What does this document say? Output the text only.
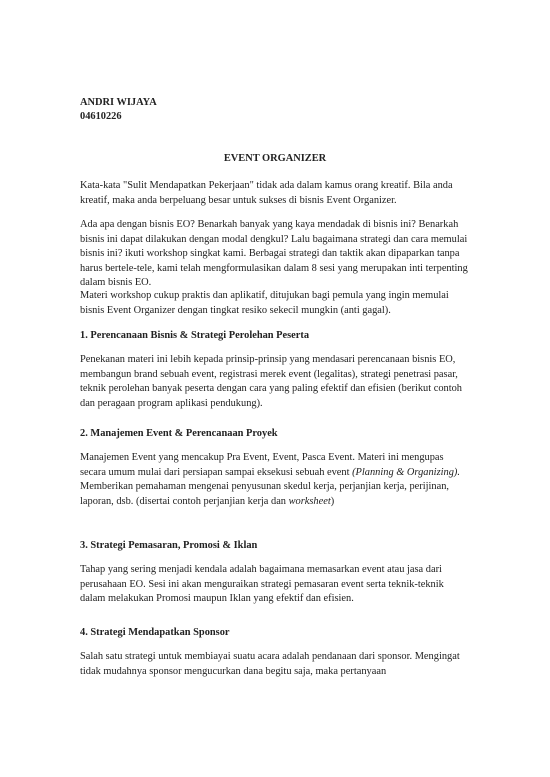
ANDRI WIJAYA

04610226

EVENT ORGANIZER

Kata-kata "Sulit Mendapatkan Pekerjaan" tidak ada dalam kamus orang kreatif. Bila anda kreatif, maka anda berpeluang besar untuk sukses di bisnis Event Organizer.

Ada apa dengan bisnis EO? Benarkah banyak yang kaya mendadak di bisnis ini? Benarkah bisnis ini dapat dilakukan dengan modal dengkul? Lalu bagaimana strategi dan cara memulai bisnis ini? ikuti workshop singkat kami. Berbagai strategi dan taktik akan dipaparkan tanpa harus bertele-tele, kami telah mengformulasikan dalam 8 sesi yang merupakan inti terpenting dalam bisnis EO.

Materi workshop cukup praktis dan aplikatif, ditujukan bagi pemula yang ingin memulai bisnis Event Organizer dengan tingkat resiko sekecil mungkin (anti gagal).

1. Perencanaan Bisnis & Strategi Perolehan Peserta

Penekanan materi ini lebih kepada prinsip-prinsip yang mendasari perencanaan bisnis EO, membangun brand sebuah event, registrasi merek event (legalitas), strategi penetrasi pasar, teknik perolehan banyak peserta dengan cara yang paling efektif dan efisien (berikut contoh dan peragaan program aplikasi pendukung).

2. Manajemen Event & Perencanaan Proyek

Manajemen Event yang mencakup Pra Event, Event, Pasca Event. Materi ini mengupas secara umum mulai dari persiapan sampai eksekusi sebuah event (Planning & Organizing). Memberikan pemahaman mengenai penyusunan skedul kerja, perjanjian kerja, perijinan, laporan, dsb. (disertai contoh perjanjian kerja dan worksheet)

3. Strategi Pemasaran, Promosi & Iklan

Tahap yang sering menjadi kendala adalah bagaimana memasarkan event atau jasa dari perusahaan EO. Sesi ini akan menguraikan strategi pemasaran event serta teknik-teknik dalam melakukan Promosi maupun Iklan yang efektif dan efisien.

4. Strategi Mendapatkan Sponsor

Salah satu strategi untuk membiayai suatu acara adalah pendanaan dari sponsor. Mengingat tidak mudahnya sponsor mengucurkan dana begitu saja, maka pertanyaan
